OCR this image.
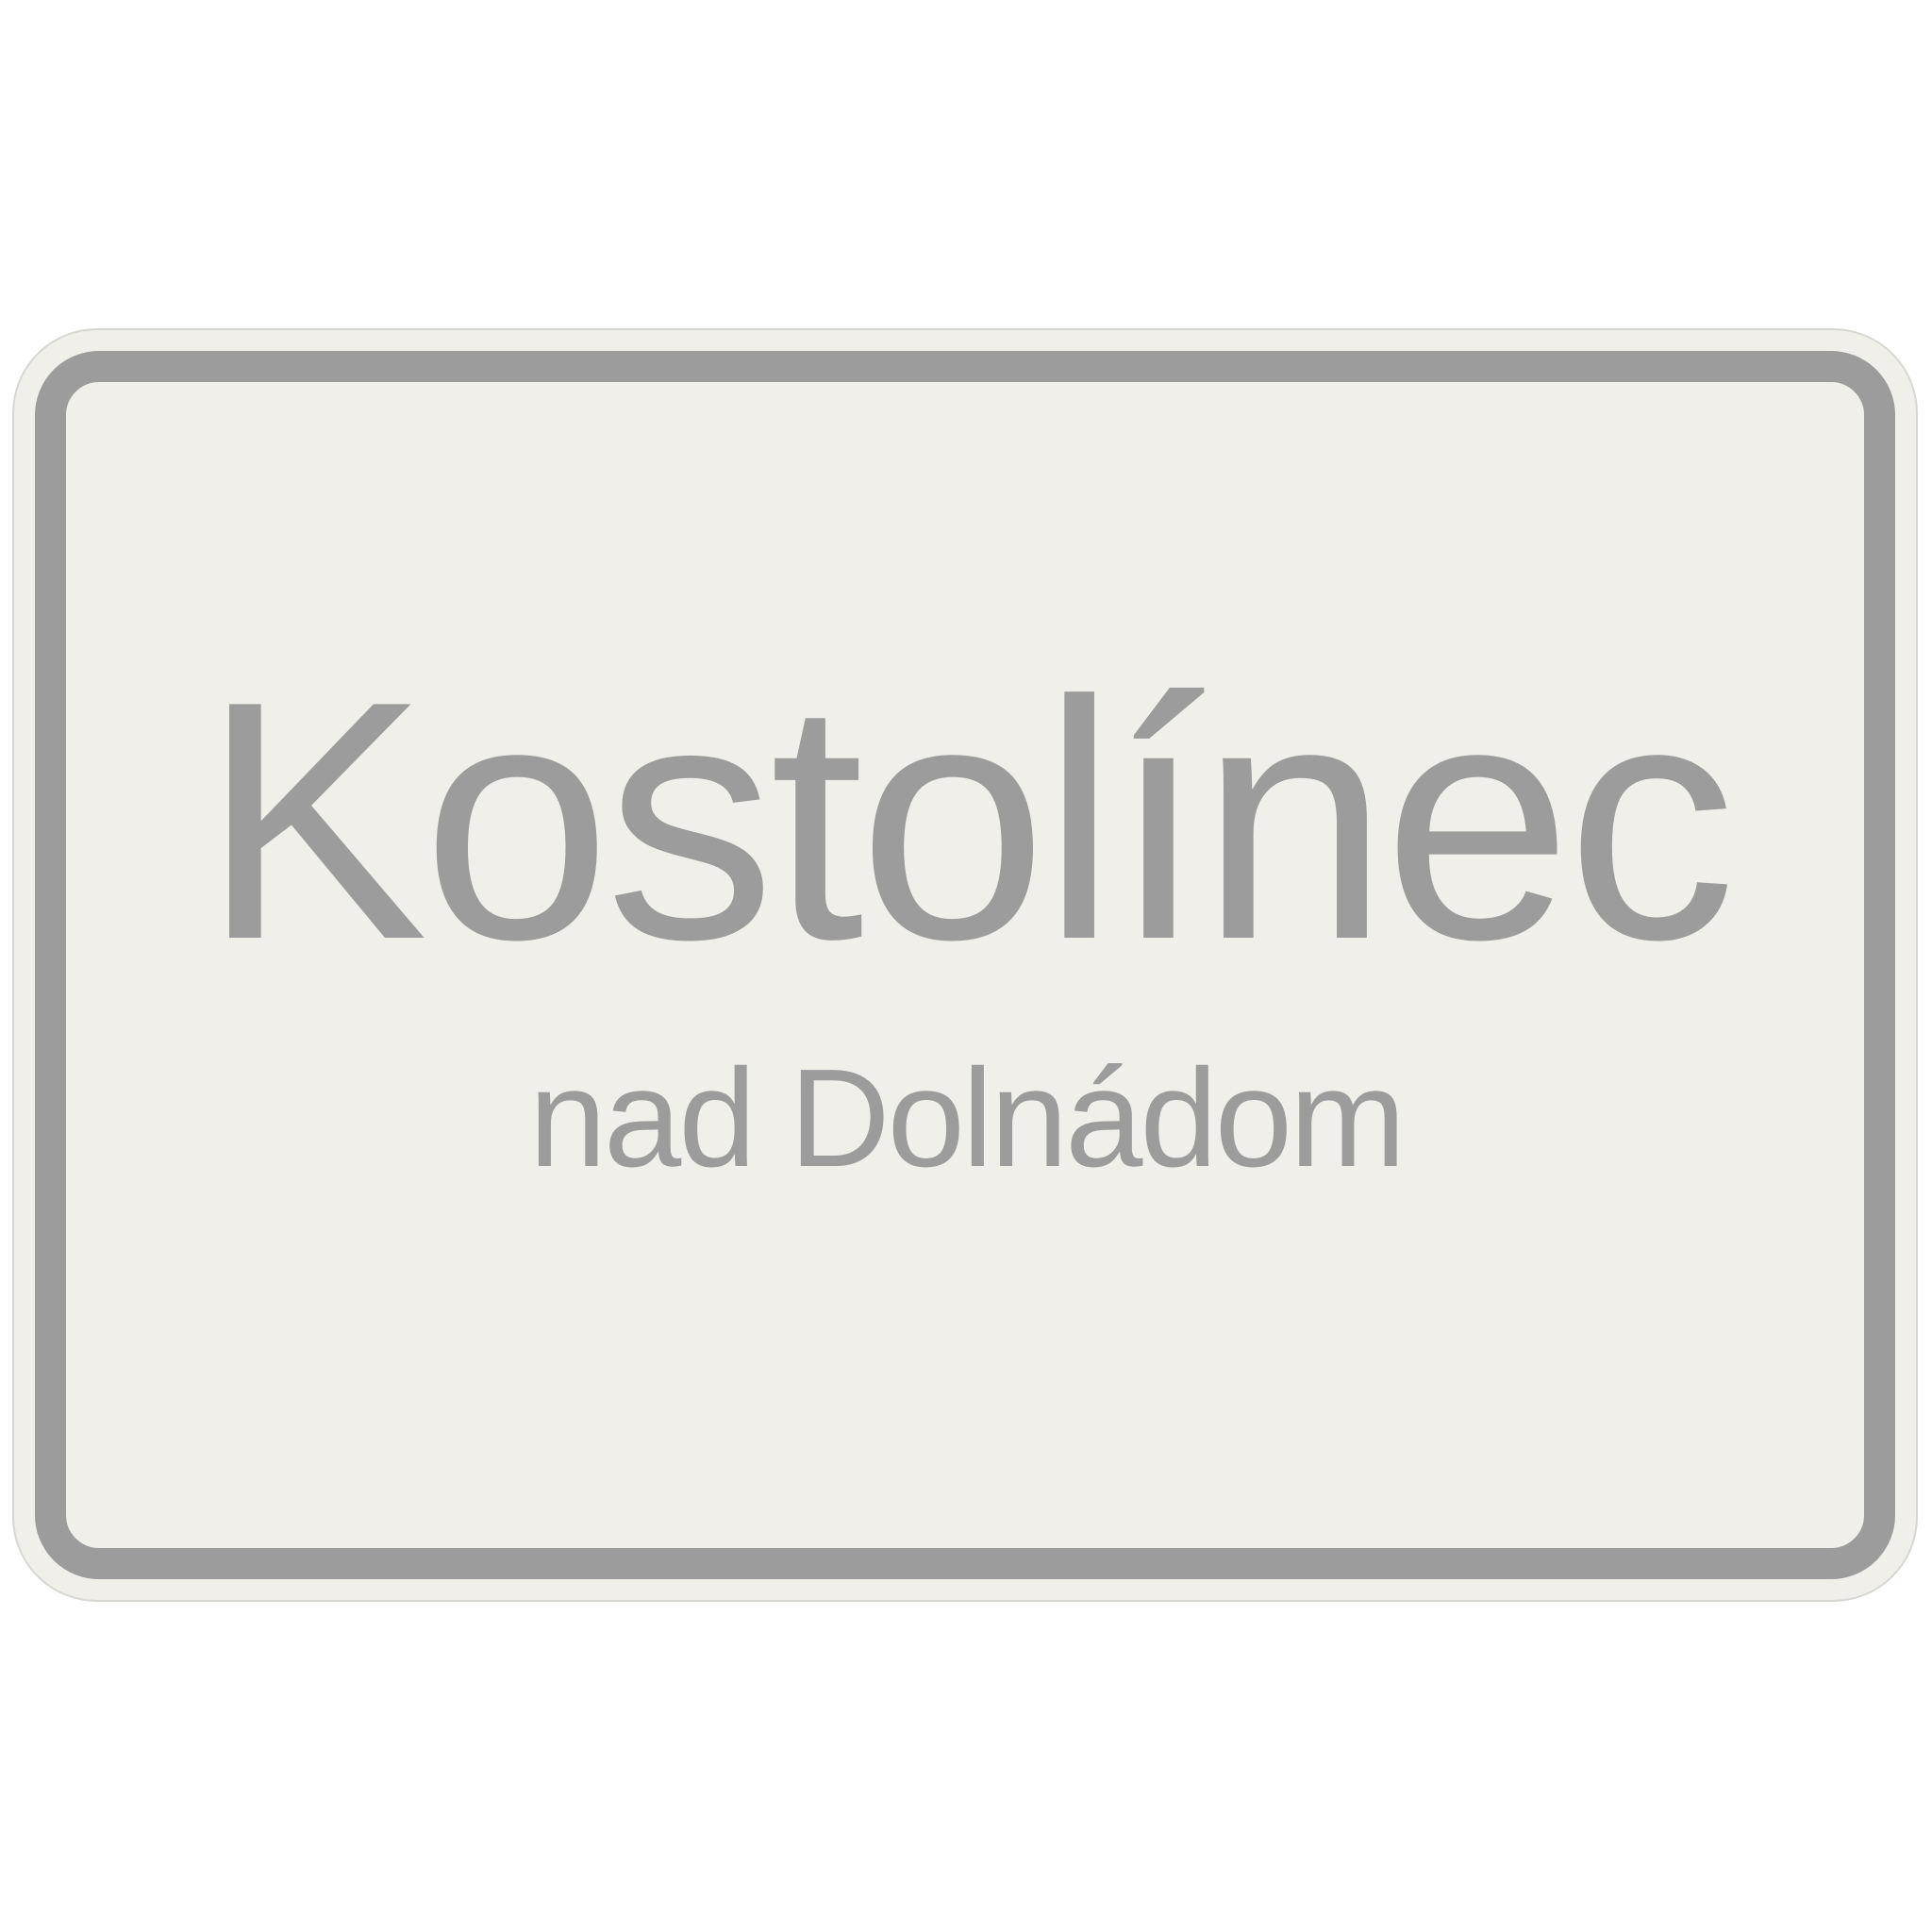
Kostolínec
nad Dolnádom
